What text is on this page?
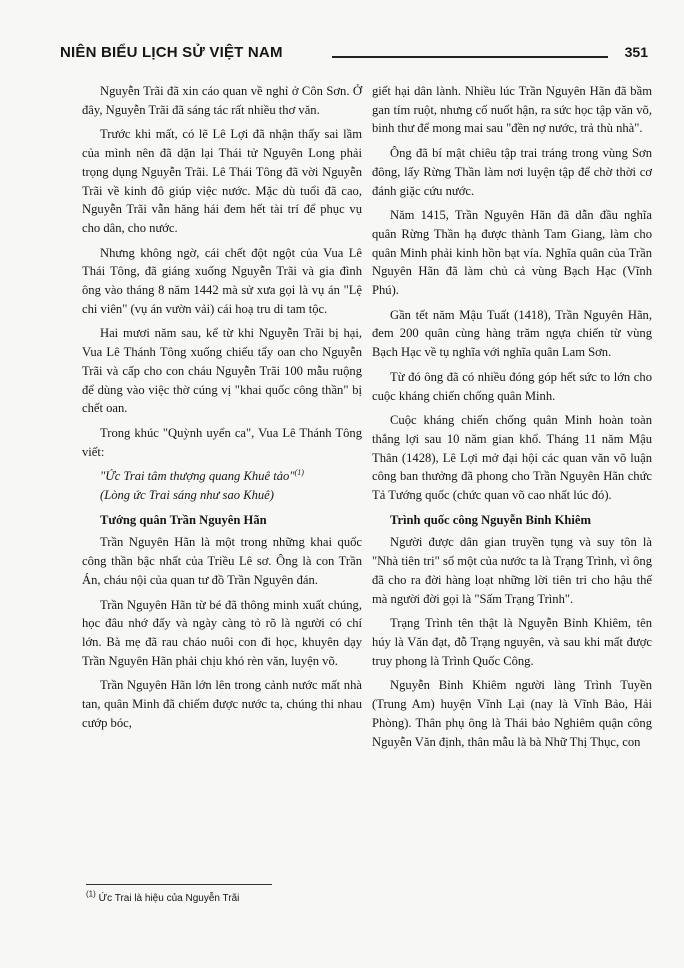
NIÊN BIỂU LỊCH SỬ VIỆT NAM	351

Nguyễn Trãi đã xin cáo quan về nghỉ ở Côn Sơn. Ở đây, Nguyễn Trãi đã sáng tác rất nhiều thơ văn.

Trước khi mất, có lẽ Lê Lợi đã nhận thấy sai lầm của mình nên đã dặn lại Thái tử Nguyên Long phải trọng dụng Nguyễn Trãi. Lê Thái Tông đã vời Nguyễn Trãi về kinh đô giúp việc nước. Mặc dù tuổi đã cao, Nguyễn Trãi vẫn hăng hái đem hết tài trí để phục vụ cho dân, cho nước.

Nhưng không ngờ, cái chết đột ngột của Vua Lê Thái Tông, đã giáng xuống Nguyễn Trãi và gia đình ông vào tháng 8 năm 1442 mà sử xưa gọi là vụ án "Lệ chi viên" (vụ án vườn vải) cái hoạ tru di tam tộc.

Hai mươi năm sau, kể từ khi Nguyễn Trãi bị hại, Vua Lê Thánh Tông xuống chiếu tẩy oan cho Nguyễn Trãi và cấp cho con cháu Nguyễn Trãi 100 mẫu ruộng để dùng vào việc thờ cúng vị "khai quốc công thần" bị chết oan.

Trong khúc "Quỳnh uyển ca", Vua Lê Thánh Tông viết:

"Ức Trai tâm thượng quang Khuê tảo"$^{(1)}$
(Lòng ức Trai sáng như sao Khuê)
Tướng quân Trần Nguyên Hãn

Trần Nguyên Hãn là một trong những khai quốc công thần bậc nhất của Triều Lê sơ. Ông là con Trần Án, cháu nội của quan tư đồ Trần Nguyên đán.

Trần Nguyên Hãn từ bé đã thông minh xuất chúng, học đâu nhớ đấy và ngày càng tỏ rõ là người có chí lớn. Bà mẹ đã rau cháo nuôi con đi học, khuyên dạy Trần Nguyên Hãn phải chịu khó rèn văn, luyện võ.

Trần Nguyên Hãn lớn lên trong cảnh nước mất nhà tan, quân Minh đã chiếm được nước ta, chúng thi nhau cướp bóc,

giết hại dân lành. Nhiều lúc Trần Nguyên Hãn đã bầm gan tím ruột, nhưng cố nuốt hận, ra sức học tập văn võ, binh thư để mong mai sau "đền nợ nước, trả thù nhà".

Ông đã bí mật chiêu tập trai tráng trong vùng Sơn đông, lấy Rừng Thần làm nơi luyện tập để chờ thời cơ đánh giặc cứu nước.

Năm 1415, Trần Nguyên Hãn đã dẫn đầu nghĩa quân Rừng Thần hạ được thành Tam Giang, làm cho quân Minh phải kinh hồn bạt vía. Nghĩa quân của Trần Nguyên Hãn đã làm chủ cả vùng Bạch Hạc (Vĩnh Phú).

Gần tết năm Mậu Tuất (1418), Trần Nguyên Hãn, đem 200 quân cùng hàng trăm ngựa chiến từ vùng Bạch Hạc về tụ nghĩa với nghĩa quân Lam Sơn.

Từ đó ông đã có nhiều đóng góp hết sức to lớn cho cuộc kháng chiến chống quân Minh.

Cuộc kháng chiến chống quân Minh hoàn toàn thắng lợi sau 10 năm gian khổ. Tháng 11 năm Mậu Thân (1428), Lê Lợi mở đại hội các quan văn võ luận công ban thưởng đã phong cho Trần Nguyên Hãn chức Tả Tướng quốc (chức quan võ cao nhất lúc đó).

Trình quốc công Nguyễn Bỉnh Khiêm

Người được dân gian truyền tụng và suy tôn là "Nhà tiên tri" số một của nước ta là Trạng Trình, vì ông đã cho ra đời hàng loạt những lời tiên tri cho hậu thế mà người đời gọi là "Sấm Trạng Trình".

Trạng Trình tên thật là Nguyễn Bỉnh Khiêm, tên húy là Văn đạt, đỗ Trạng nguyên, và sau khi mất được truy phong là Trình Quốc Công.

Nguyễn Bỉnh Khiêm người làng Trình Tuyền (Trung Am) huyện Vĩnh Lại (nay là Vĩnh Bảo, Hải Phòng). Thân phụ ông là Thái bảo Nghiêm quận công Nguyễn Văn định, thân mẫu là bà Nhữ Thị Thục, con

$^{(1)}$ Ức Trai là hiệu của Nguyễn Trãi
